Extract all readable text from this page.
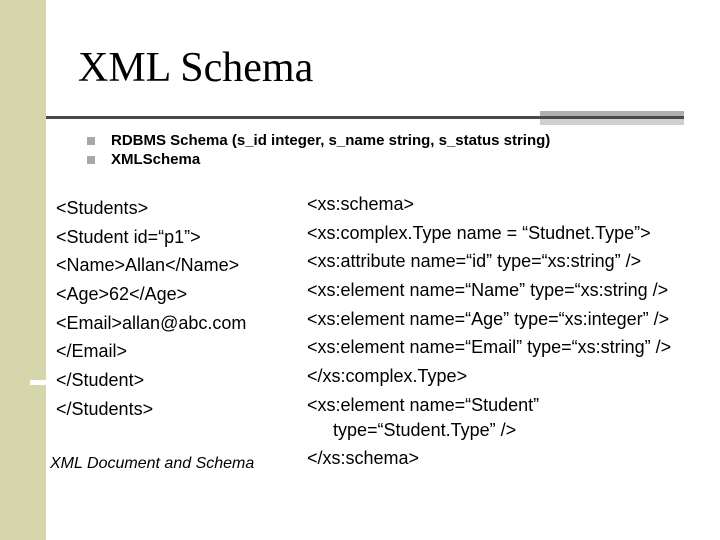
XML Schema
RDBMS Schema (s_id integer, s_name string, s_status string)
XMLSchema
<Students>
<Student id=“p1”>
<Name>Allan</Name>
<Age>62</Age>
<Email>allan@abc.com
</Email>
</Student>
</Students>
<xs:schema>
<xs:complex.Type name = “Studnet.Type”>
<xs:attribute name=“id” type=“xs:string” />
<xs:element name=“Name” type=“xs:string />
<xs:element name=“Age” type=“xs:integer” />
<xs:element name=“Email” type=“xs:string” />
</xs:complex.Type>
<xs:element name=“Student”
type=“Student.Type” />
</xs:schema>
XML Document and Schema
